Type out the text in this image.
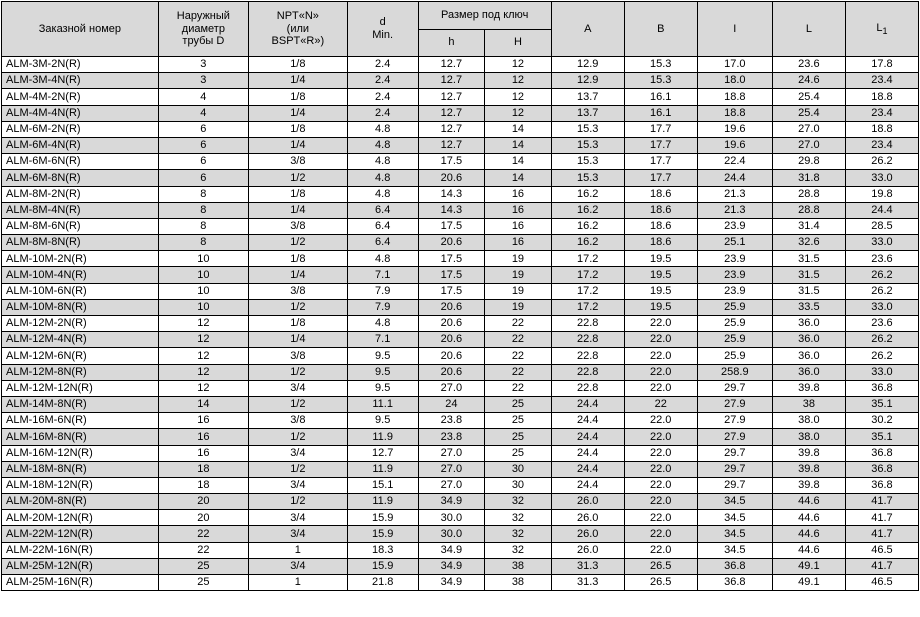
Заказной номер	Наружный
диаметр
трубы D	NPT«N»
(или
BSPT«R»)	d
Min.	Размер под ключ		A	B	I	L	$L_1$
				h	H					
ALM-3M-2N(R)	3	1/8	2.4	12.7	12	12.9	15.3	17.0	23.6	17.8
ALM-3M-4N(R)	3	1/4	2.4	12.7	12	12.9	15.3	18.0	24.6	23.4
ALM-4M-2N(R)	4	1/8	2.4	12.7	12	13.7	16.1	18.8	25.4	18.8
ALM-4M-4N(R)	4	1/4	2.4	12.7	12	13.7	16.1	18.8	25.4	23.4
ALM-6M-2N(R)	6	1/8	4.8	12.7	14	15.3	17.7	19.6	27.0	18.8
ALM-6M-4N(R)	6	1/4	4.8	12.7	14	15.3	17.7	19.6	27.0	23.4
ALM-6M-6N(R)	6	3/8	4.8	17.5	14	15.3	17.7	22.4	29.8	26.2
ALM-6M-8N(R)	6	1/2	4.8	20.6	14	15.3	17.7	24.4	31.8	33.0
ALM-8M-2N(R)	8	1/8	4.8	14.3	16	16.2	18.6	21.3	28.8	19.8
ALM-8M-4N(R)	8	1/4	6.4	14.3	16	16.2	18.6	21.3	28.8	24.4
ALM-8M-6N(R)	8	3/8	6.4	17.5	16	16.2	18.6	23.9	31.4	28.5
ALM-8M-8N(R)	8	1/2	6.4	20.6	16	16.2	18.6	25.1	32.6	33.0
ALM-10M-2N(R)	10	1/8	4.8	17.5	19	17.2	19.5	23.9	31.5	23.6
ALM-10M-4N(R)	10	1/4	7.1	17.5	19	17.2	19.5	23.9	31.5	26.2
ALM-10M-6N(R)	10	3/8	7.9	17.5	19	17.2	19.5	23.9	31.5	26.2
ALM-10M-8N(R)	10	1/2	7.9	20.6	19	17.2	19.5	25.9	33.5	33.0
ALM-12M-2N(R)	12	1/8	4.8	20.6	22	22.8	22.0	25.9	36.0	23.6
ALM-12M-4N(R)	12	1/4	7.1	20.6	22	22.8	22.0	25.9	36.0	26.2
ALM-12M-6N(R)	12	3/8	9.5	20.6	22	22.8	22.0	25.9	36.0	26.2
ALM-12M-8N(R)	12	1/2	9.5	20.6	22	22.8	22.0	258.9	36.0	33.0
ALM-12M-12N(R)	12	3/4	9.5	27.0	22	22.8	22.0	29.7	39.8	36.8
ALM-14M-8N(R)	14	1/2	11.1	24	25	24.4	22	27.9	38	35.1
ALM-16M-6N(R)	16	3/8	9.5	23.8	25	24.4	22.0	27.9	38.0	30.2
ALM-16M-8N(R)	16	1/2	11.9	23.8	25	24.4	22.0	27.9	38.0	35.1
ALM-16M-12N(R)	16	3/4	12.7	27.0	25	24.4	22.0	29.7	39.8	36.8
ALM-18M-8N(R)	18	1/2	11.9	27.0	30	24.4	22.0	29.7	39.8	36.8
ALM-18M-12N(R)	18	3/4	15.1	27.0	30	24.4	22.0	29.7	39.8	36.8
ALM-20M-8N(R)	20	1/2	11.9	34.9	32	26.0	22.0	34.5	44.6	41.7
ALM-20M-12N(R)	20	3/4	15.9	30.0	32	26.0	22.0	34.5	44.6	41.7
ALM-22M-12N(R)	22	3/4	15.9	30.0	32	26.0	22.0	34.5	44.6	41.7
ALM-22M-16N(R)	22	1	18.3	34.9	32	26.0	22.0	34.5	44.6	46.5
ALM-25M-12N(R)	25	3/4	15.9	34.9	38	31.3	26.5	36.8	49.1	41.7
ALM-25M-16N(R)	25	1	21.8	34.9	38	31.3	26.5	36.8	49.1	46.5
